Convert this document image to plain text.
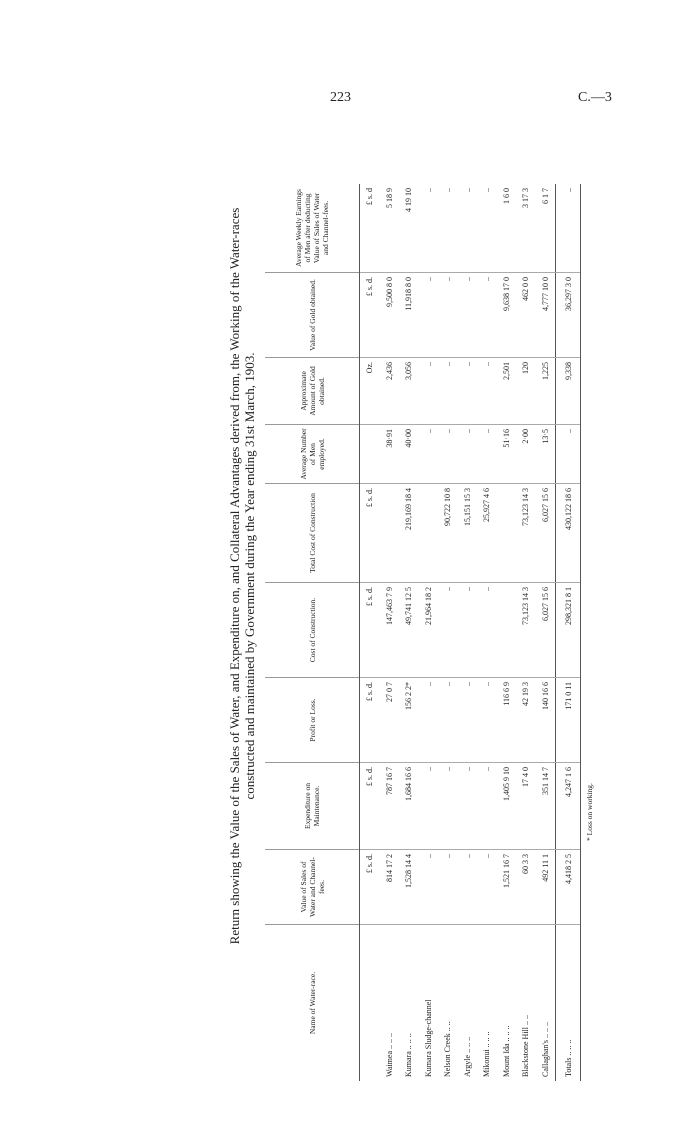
223	C.—3
Return showing the Value of the Sales of Water, and Expenditure on, and Collateral Advantages derived from, the Working of the Water-races constructed and maintained by Government during the Year ending 31st March, 1903.
Name of Water-race.	Value of Sales of Water and Channel-fees.	Expenditure on Maintenance.	Profit or Loss.	Cost of Construction.	Total Cost of Construction	Average Number of Men employed.	Approximate Amount of Gold obtained.	Value of Gold obtained.	Average Weekly Earnings of Men after deducting Value of Sales of Water and Channel-fees.
	£ s. d.	£ s. d.	£ s. d.	£ s. d.	£ s. d.		Oz.	£ s. d.	£ s. d
Waimea .. .. ..	814 17 2	787 16 7	27 0 7	147,463 7 9		38·91	2,436	9,500 8 0	5 18 9
Kumara .. .. ..	1,528 14 4	1,684 16 6	156 2 2*	49,741 12 5	219,169 18 4	40·00	3,056	11,918 8 0	4 19 10
Kumara Sludge-channel	..	..	..	21,964 18 2		..	..	..	..
Nelson Creek .. ..	..	..	..	..	90,722 10 8	..	..	..	..
Argyle .. .. ..	..	..	..	..	15,151 15 3	..	..	..	..
Mikonui .. .. ..	..	..	..	..	25,927 4 6	..	..	..	..
Mount Ida .. .. ..	1,521 16 7	1,405 9 10	116 6 9			51·16	2,501	9,638 17 0	1 6 0
Blackstone Hill .. ..	60 3 3	17 4 0	42 19 3	73,123 14 3	73,123 14 3	2·00	120	462 0 0	3 17 3
Callaghan's .. .. ..	492 11 1	351 14 7	140 16 6	6,027 15 6	6,027 15 6	13·5	1,225	4,777 10 0	6 1 7
Totals .. .. ..	4,418 2 5	4,247 1 6	171 0 11	298,321 8 1	430,122 18 6	..	9,338	36,297 3 0	..
* Loss on working.
